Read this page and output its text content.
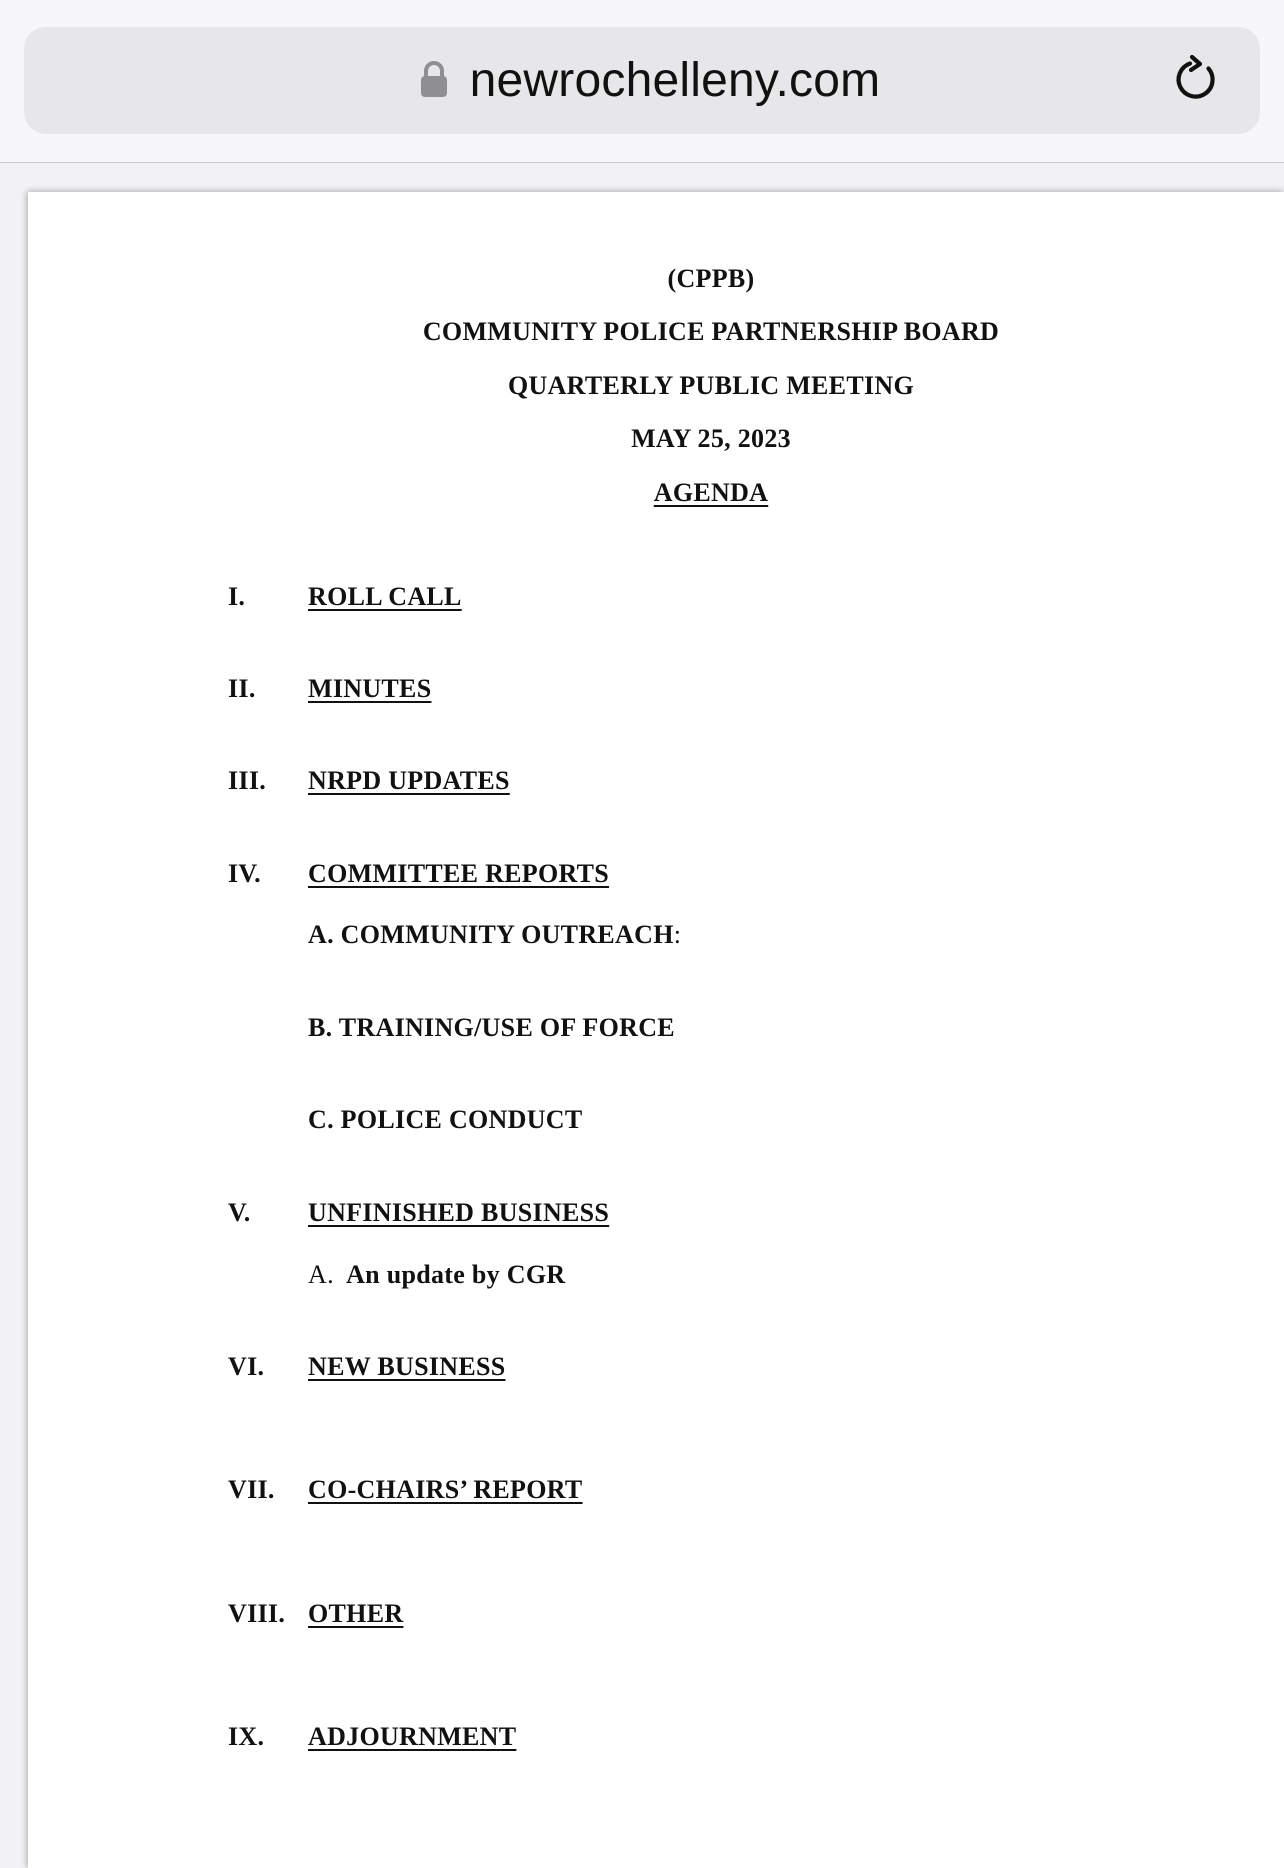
newrochelleny.com
(CPPB)
COMMUNITY POLICE PARTNERSHIP BOARD
QUARTERLY PUBLIC MEETING
MAY 25, 2023
AGENDA
I. ROLL CALL
II. MINUTES
III. NRPD UPDATES
IV. COMMITTEE REPORTS
A. COMMUNITY OUTREACH:
B. TRAINING/USE OF FORCE
C. POLICE CONDUCT
V. UNFINISHED BUSINESS
A. An update by CGR
VI. NEW BUSINESS
VII. CO-CHAIRS’ REPORT
VIII. OTHER
IX. ADJOURNMENT
